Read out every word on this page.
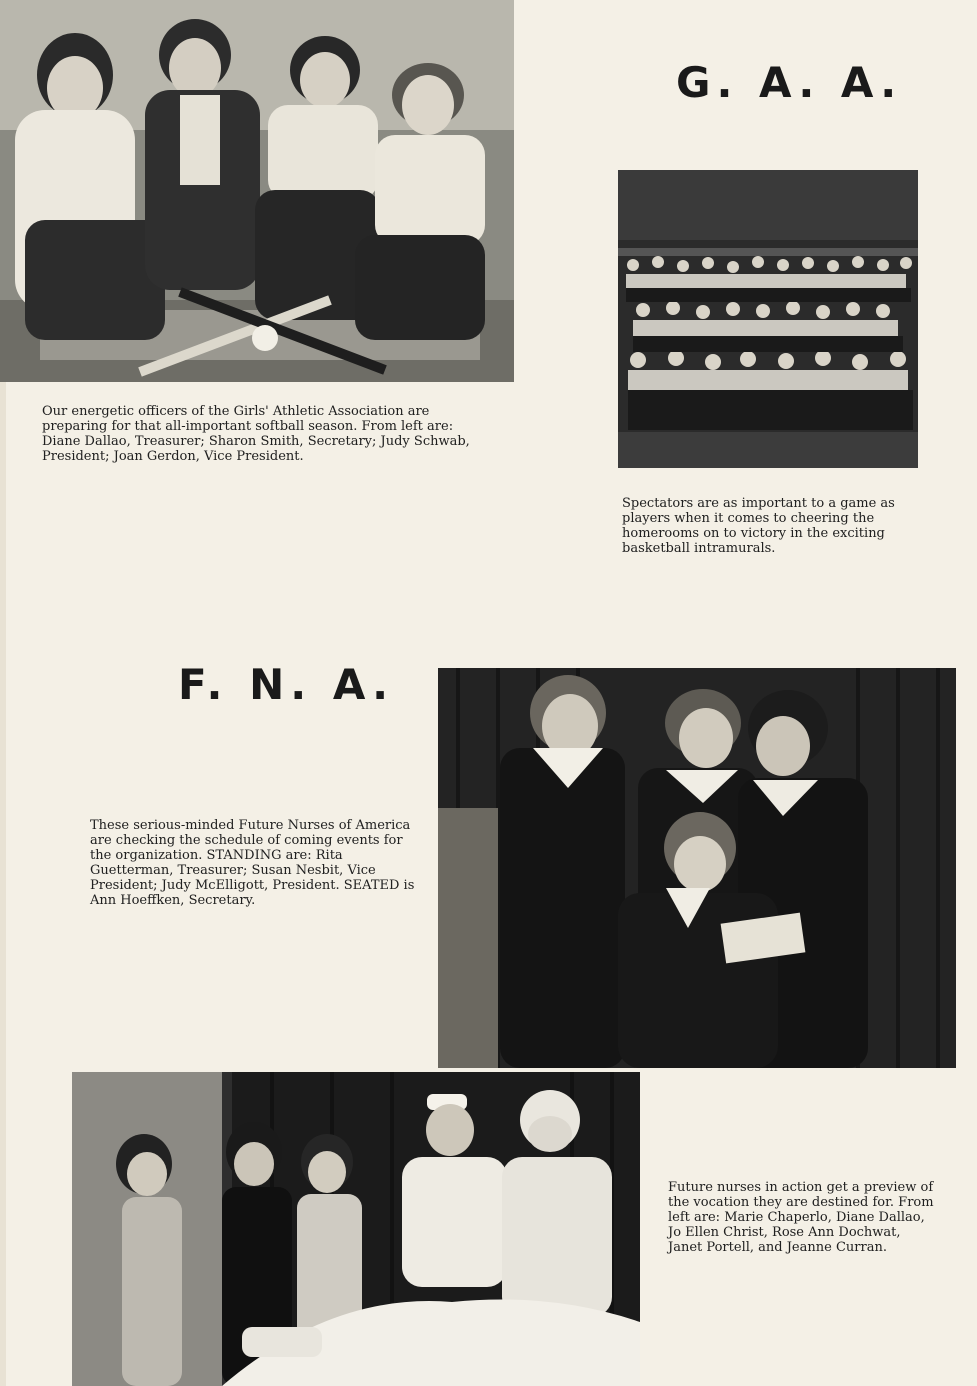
Our energetic officers of the Girls' Athletic Association are preparing for that all-important softball season. From left are: Diane Dallao, Treasurer; Sharon Smith, Secretary; Judy Schwab, President; Joan Gerdon, Vice President.

G. A. A.

Spectators are as important to a game as players when it comes to cheering the homerooms on to victory in the exciting basketball intramurals.

F. N. A.

These serious-minded Future Nurses of America are checking the schedule of coming events for the organization. STANDING are: Rita Guetterman, Treasurer; Susan Nesbit, Vice President; Judy McElligott, President. SEATED is Ann Hoeffken, Secretary.

Future nurses in action get a preview of the vocation they are destined for. From left are: Marie Chaperlo, Diane Dallao, Jo Ellen Christ, Rose Ann Dochwat, Janet Portell, and Jeanne Curran.
